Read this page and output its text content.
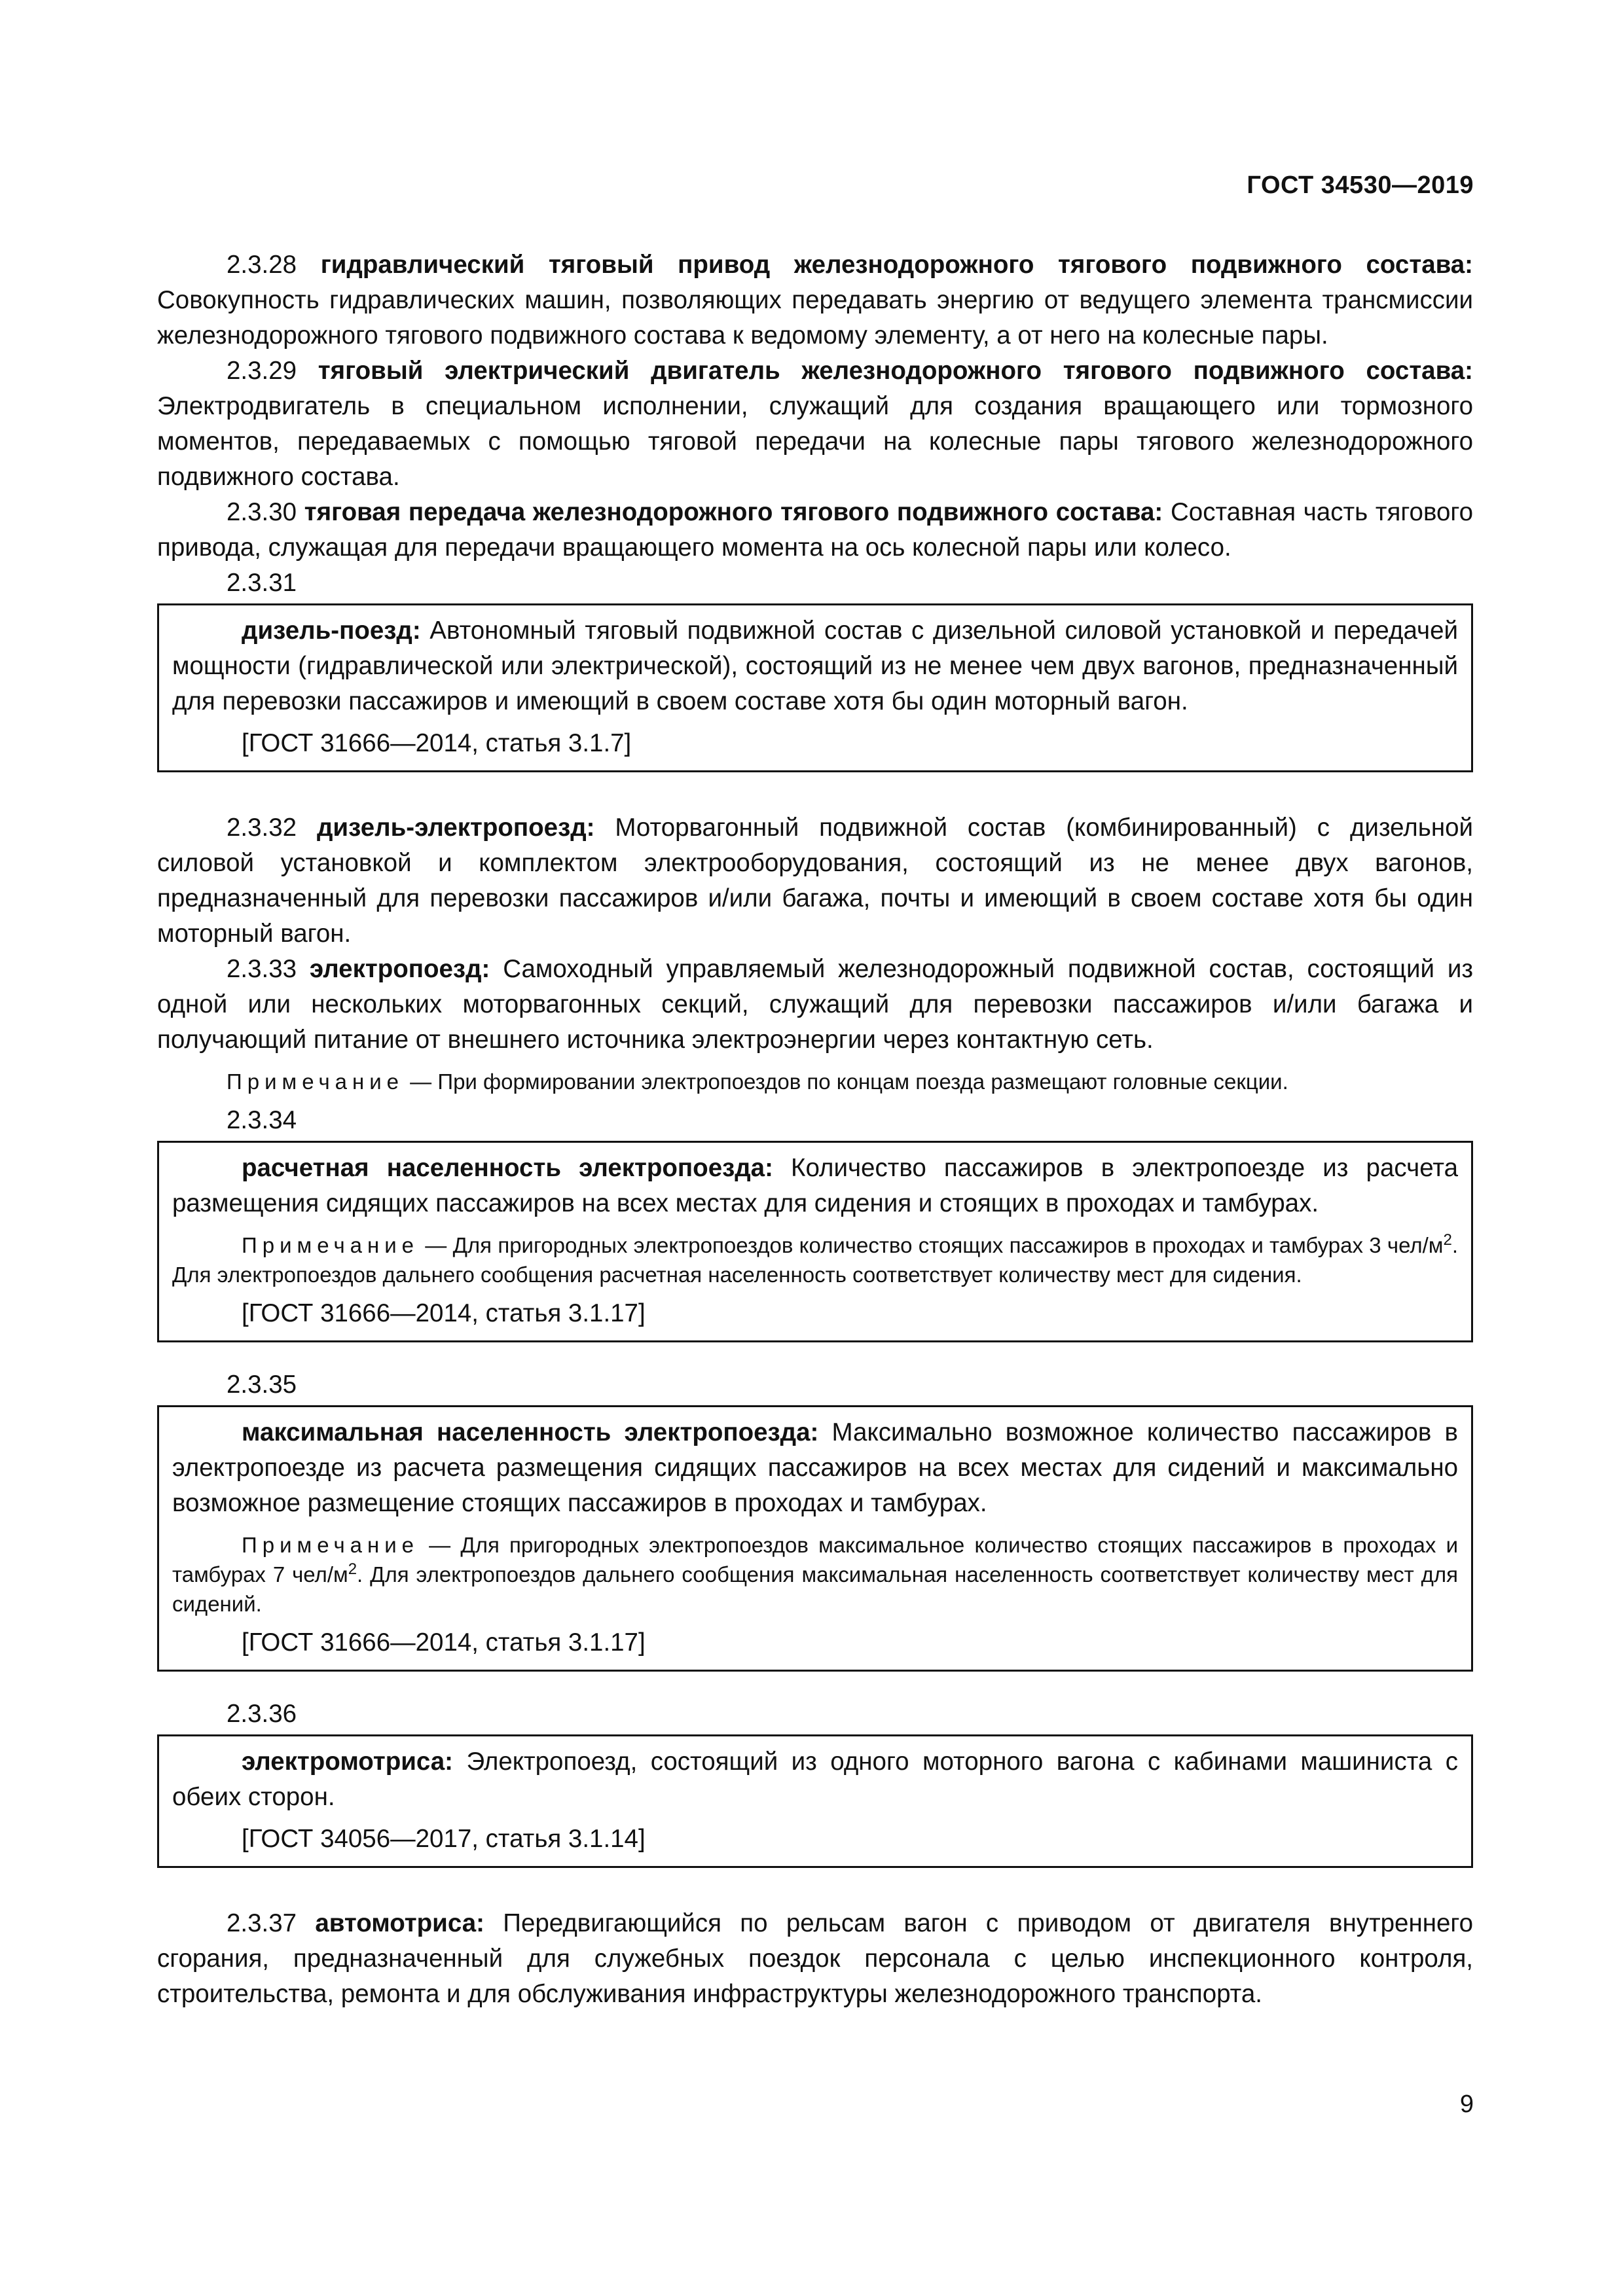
ГОСТ 34530—2019

2.3.28 гидравлический тяговый привод железнодорожного тягового подвижного состава: Совокупность гидравлических машин, позволяющих передавать энергию от ведущего элемента трансмиссии железнодорожного тягового подвижного состава к ведомому элементу, а от него на колесные пары.

2.3.29 тяговый электрический двигатель железнодорожного тягового подвижного состава: Электродвигатель в специальном исполнении, служащий для создания вращающего или тормозного моментов, передаваемых с помощью тяговой передачи на колесные пары тягового железнодорожного подвижного состава.

2.3.30 тяговая передача железнодорожного тягового подвижного состава: Составная часть тягового привода, служащая для передачи вращающего момента на ось колесной пары или колесо.

2.3.31

дизель-поезд: Автономный тяговый подвижной состав с дизельной силовой установкой и передачей мощности (гидравлической или электрической), состоящий из не менее чем двух вагонов, предназначенный для перевозки пассажиров и имеющий в своем составе хотя бы один моторный вагон.

[ГОСТ 31666—2014, статья 3.1.7]

2.3.32 дизель-электропоезд: Моторвагонный подвижной состав (комбинированный) с дизельной силовой установкой и комплектом электрооборудования, состоящий из не менее двух вагонов, предназначенный для перевозки пассажиров и/или багажа, почты и имеющий в своем составе хотя бы один моторный вагон.

2.3.33 электропоезд: Самоходный управляемый железнодорожный подвижной состав, состоящий из одной или нескольких моторвагонных секций, служащий для перевозки пассажиров и/или багажа и получающий питание от внешнего источника электроэнергии через контактную сеть.

Примечание — При формировании электропоездов по концам поезда размещают головные секции.

2.3.34

расчетная населенность электропоезда: Количество пассажиров в электропоезде из расчета размещения сидящих пассажиров на всех местах для сидения и стоящих в проходах и тамбурах.

Примечание — Для пригородных электропоездов количество стоящих пассажиров в проходах и тамбурах 3 чел/$м^2$. Для электропоездов дальнего сообщения расчетная населенность соответствует количеству мест для сидения.

[ГОСТ 31666—2014, статья 3.1.17]

2.3.35

максимальная населенность электропоезда: Максимально возможное количество пассажиров в электропоезде из расчета размещения сидящих пассажиров на всех местах для сидений и максимально возможное размещение стоящих пассажиров в проходах и тамбурах.

Примечание — Для пригородных электропоездов максимальное количество стоящих пассажиров в проходах и тамбурах 7 чел/$м^2$. Для электропоездов дальнего сообщения максимальная населенность соответствует количеству мест для сидений.

[ГОСТ 31666—2014, статья 3.1.17]

2.3.36

электромотриса: Электропоезд, состоящий из одного моторного вагона с кабинами машиниста с обеих сторон.

[ГОСТ 34056—2017, статья 3.1.14]

2.3.37 автомотриса: Передвигающийся по рельсам вагон с приводом от двигателя внутреннего сгорания, предназначенный для служебных поездок персонала с целью инспекционного контроля, строительства, ремонта и для обслуживания инфраструктуры железнодорожного транспорта.

9
